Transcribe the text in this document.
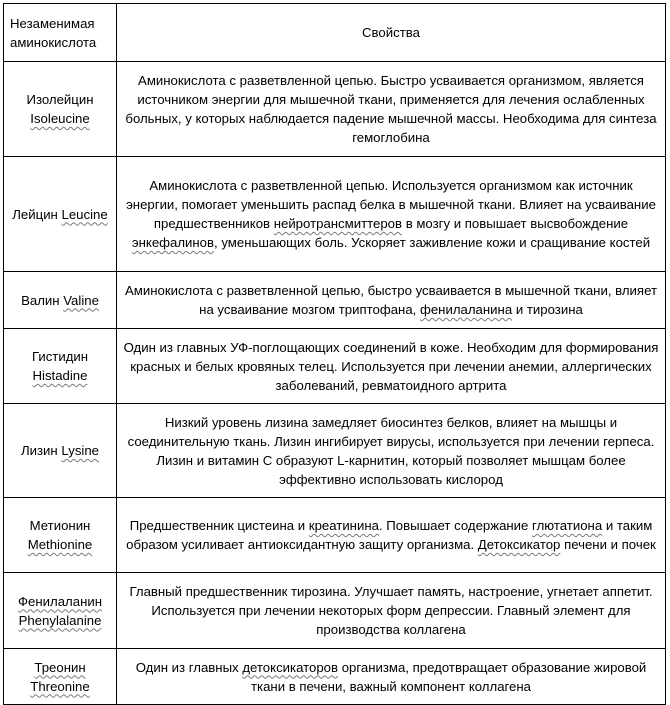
Незаменимая
аминокислота	Свойства
Изолейцин
Isoleucine	Аминокислота с разветвленной цепью. Быстро усваивается организмом, является источником энергии для мышечной ткани, применяется для лечения ослабленных больных, у которых наблюдается падение мышечной массы. Необходима для синтеза гемоглобина
Лейцин Leucine	Аминокислота с разветвленной цепью. Используется организмом как источник энергии, помогает уменьшить распад белка в мышечной ткани. Влияет на усваивание предшественников нейротрансмиттеров в мозгу и повышает высвобождение энкефалинов, уменьшающих боль. Ускоряет заживление кожи и сращивание костей
Валин Valine	Аминокислота с разветвленной цепью, быстро усваивается в мышечной ткани, влияет на усваивание мозгом триптофана, фенилаланина и тирозина
Гистидин
Histadine	Один из главных УФ-поглощающих соединений в коже. Необходим для формирования красных и белых кровяных телец. Используется при лечении анемии, аллергических заболеваний, ревматоидного артрита
Лизин Lysine	Низкий уровень лизина замедляет биосинтез белков, влияет на мышцы и соединительную ткань. Лизин ингибирует вирусы, используется при лечении герпеса. Лизин и витамин С образуют L-карнитин, который позволяет мышцам более эффективно использовать кислород
Метионин
Methionine	Предшественник цистеина и креатинина. Повышает содержание глютатиона и таким образом усиливает антиоксидантную защиту организма. Детоксикатор печени и почек
Фенилаланин
Phenylalanine	Главный предшественник тирозина. Улучшает память, настроение, угнетает аппетит. Используется при лечении некоторых форм депрессии. Главный элемент для производства коллагена
Треонин
Threonine	Один из главных детоксикаторов организма, предотвращает образование жировой ткани в печени, важный компонент коллагена
